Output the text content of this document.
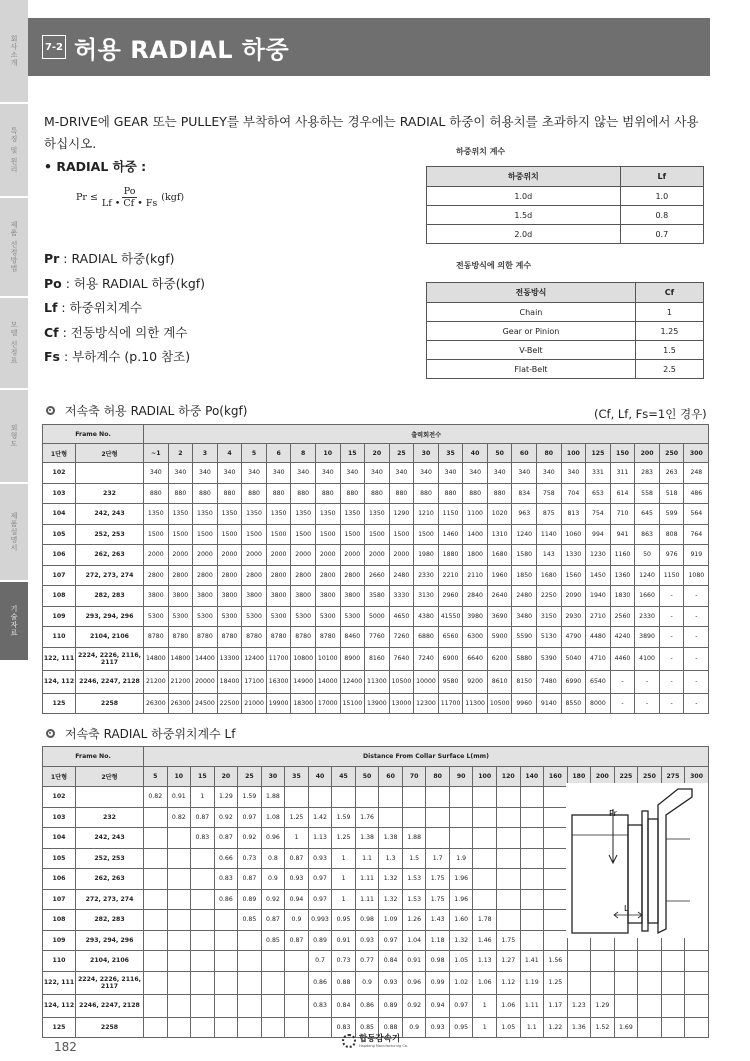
회사소개
특징 및 원리
제품 선정방법
모델 선정표
외형도
제품설명서
기술자료
7-2 허용 RADIAL 하중
M-DRIVE에 GEAR 또는 PULLEY를 부착하여 사용하는 경우에는 RADIAL 하중이 허용치를 초과하지 않는 범위에서 사용 하십시오.
• RADIAL 하중 :
$Pr \le \frac{Po}{Lf • Cf • Fs} (kgf)$
Pr : RADIAL 하중(kgf)
Po : 허용 RADIAL 하중(kgf)
Lf : 하중위치계수
Cf : 전동방식에 의한 계수
Fs : 부하계수 (p.10 참조)
하중위치 계수
하중위치	Lf
1.0d	1.0
1.5d	0.8
2.0d	0.7
전동방식에 의한 계수
전동방식	Cf
Chain	1
Gear or Pinion	1.25
V-Belt	1.5
Flat-Belt	2.5
저속축 허용 RADIAL 하중 Po(kgf)	(Cf, Lf, Fs=1인 경우)
Frame No.		출력회전수																						
1단형	2단형	~1	2	3	4	5	6	8	10	15	20	25	30	35	40	50	60	80	100	125	150	200	250	300
102		340	340	340	340	340	340	340	340	340	340	340	340	340	340	340	340	340	340	331	311	283	263	248
103	232	880	880	880	880	880	880	880	880	880	880	880	880	880	880	880	834	758	704	653	614	558	518	486
104	242, 243	1350	1350	1350	1350	1350	1350	1350	1350	1350	1350	1290	1210	1150	1100	1020	963	875	813	754	710	645	599	564
105	252, 253	1500	1500	1500	1500	1500	1500	1500	1500	1500	1500	1500	1500	1460	1400	1310	1240	1140	1060	994	941	863	808	764
106	262, 263	2000	2000	2000	2000	2000	2000	2000	2000	2000	2000	2000	1980	1880	1800	1680	1580	143	1330	1230	1160	50	976	919
107	272, 273, 274	2800	2800	2800	2800	2800	2800	2800	2800	2800	2660	2480	2330	2210	2110	1960	1850	1680	1560	1450	1360	1240	1150	1080
108	282, 283	3800	3800	3800	3800	3800	3800	3800	3800	3800	3580	3330	3130	2960	2840	2640	2480	2250	2090	1940	1830	1660	-	-
109	293, 294, 296	5300	5300	5300	5300	5300	5300	5300	5300	5300	5000	4650	4380	41550	3980	3690	3480	3150	2930	2710	2560	2330	-	-
110	2104, 2106	8780	8780	8780	8780	8780	8780	8780	8780	8460	7760	7260	6880	6560	6300	5900	5590	5130	4790	4480	4240	3890	-	-
122, 111	2224, 2226, 2116, 2117	14800	14800	14400	13300	12400	11700	10800	10100	8900	8160	7640	7240	6900	6640	6200	5880	5390	5040	4710	4460	4100	-	-
124, 112	2246, 2247, 2128	21200	21200	20000	18400	17100	16300	14900	14000	12400	11300	10500	10000	9580	9200	8610	8150	7480	6990	6540	-	-	-	-
125	2258	26300	26300	24500	22500	21000	19900	18300	17000	15100	13900	13000	12300	11700	11300	10500	9960	9140	8550	8000	-	-	-	-
저속축 RADIAL 하중위치계수 Lf
Frame No.		Distance From Collar Surface L(mm)																							
1단형	2단형	5	10	15	20	25	30	35	40	45	50	60	70	80	90	100	120	140	160	180	200	225	250	275	300
102		0.82	0.91	1	1.29	1.59	1.88																		
103	232		0.82	0.87	0.92	0.97	1.08	1.25	1.42	1.59	1.76														
104	242, 243			0.83	0.87	0.92	0.96	1	1.13	1.25	1.38	1.38	1.88												
105	252, 253				0.66	0.73	0.8	0.87	0.93	1	1.1	1.3	1.5	1.7	1.9										
106	262, 263				0.83	0.87	0.9	0.93	0.97	1	1.11	1.32	1.53	1.75	1.96										
107	272, 273, 274				0.86	0.89	0.92	0.94	0.97	1	1.11	1.32	1.53	1.75	1.96										
108	282, 283					0.85	0.87	0.9	0.993	0.95	0.98	1.09	1.26	1.43	1.60	1.78									
109	293, 294, 296						0.85	0.87	0.89	0.91	0.93	0.97	1.04	1.18	1.32	1.46	1.75								
110	2104, 2106								0.7	0.73	0.77	0.84	0.91	0.98	1.05	1.13	1.27	1.41	1.56						
122, 111	2224, 2226, 2116, 2117								0.86	0.88	0.9	0.93	0.96	0.99	1.02	1.06	1.12	1.19	1.25						
124, 112	2246, 2247, 2128								0.83	0.84	0.86	0.89	0.92	0.94	0.97	1	1.06	1.11	1.17	1.23	1.29				
125	2258									0.83	0.85	0.88	0.9	0.93	0.95	1	1.05	1.1	1.22	1.36	1.52	1.69			
Pr
L
182
합동감속기
Hapdong Manufacturing Co.
